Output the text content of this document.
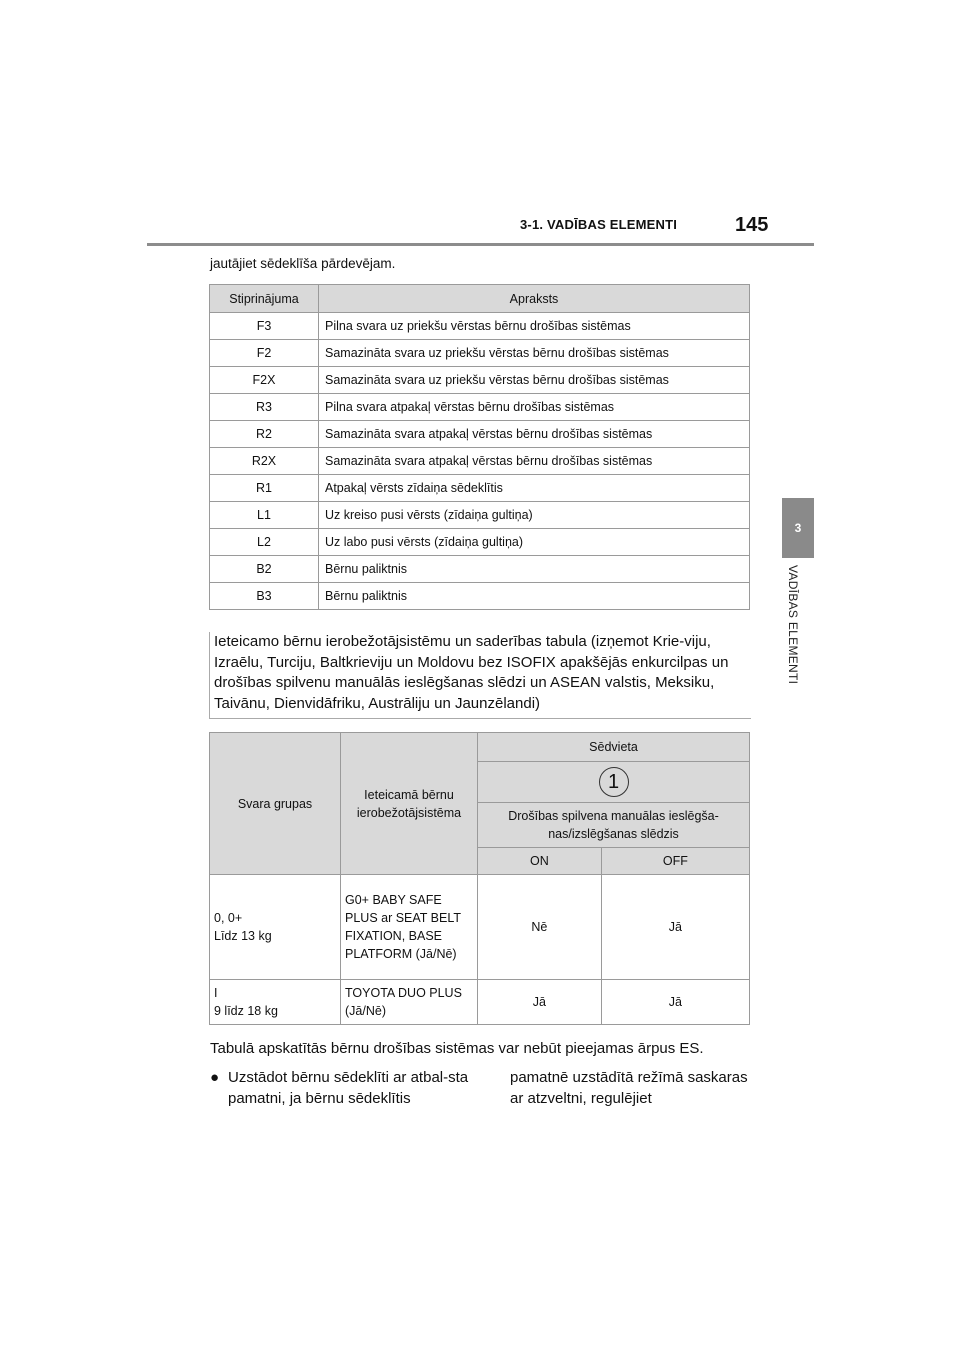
3-1. VADĪBAS ELEMENTI	145
3
VADĪBAS ELEMENTI
jautājiet sēdeklīša pārdevējam.
Stiprinājuma	Apraksts
F3	Pilna svara uz priekšu vērstas bērnu drošības sistēmas
F2	Samazināta svara uz priekšu vērstas bērnu drošības sistēmas
F2X	Samazināta svara uz priekšu vērstas bērnu drošības sistēmas
R3	Pilna svara atpakaļ vērstas bērnu drošības sistēmas
R2	Samazināta svara atpakaļ vērstas bērnu drošības sistēmas
R2X	Samazināta svara atpakaļ vērstas bērnu drošības sistēmas
R1	Atpakaļ vērsts zīdaiņa sēdeklītis
L1	Uz kreiso pusi vērsts (zīdaiņa gultiņa)
L2	Uz labo pusi vērsts (zīdaiņa gultiņa)
B2	Bērnu paliktnis
B3	Bērnu paliktnis
Ieteicamo bērnu ierobežotājsistēmu un saderības tabula (izņemot Krie-viju, Izraēlu, Turciju, Baltkrieviju un Moldovu bez ISOFIX apakšējās enkurcilpas un drošības spilvenu manuālās ieslēgšanas slēdzi un ASEAN valstis, Meksiku, Taivānu, Dienvidāfriku, Austrāliju un Jaunzēlandi)
Svara grupas	Ieteicamā bērnu ierobežotājsistēma	Sēdvieta	
		1	
		Drošības spilvena manuālas ieslēgša-nas/izslēgšanas slēdzis	
		ON	OFF
0, 0+
Līdz 13 kg	G0+ BABY SAFE PLUS ar SEAT BELT FIXATION, BASE PLATFORM (Jā/Nē)	Nē	Jā
I
9 līdz 18 kg	TOYOTA DUO PLUS (Jā/Nē)	Jā	Jā
Tabulā apskatītās bērnu drošības sistēmas var nebūt pieejamas ārpus ES.
● Uzstādot bērnu sēdeklīti ar atbal-sta pamatni, ja bērnu sēdeklītis
pamatnē uzstādītā režīmā saskaras ar atzveltni, regulējiet
